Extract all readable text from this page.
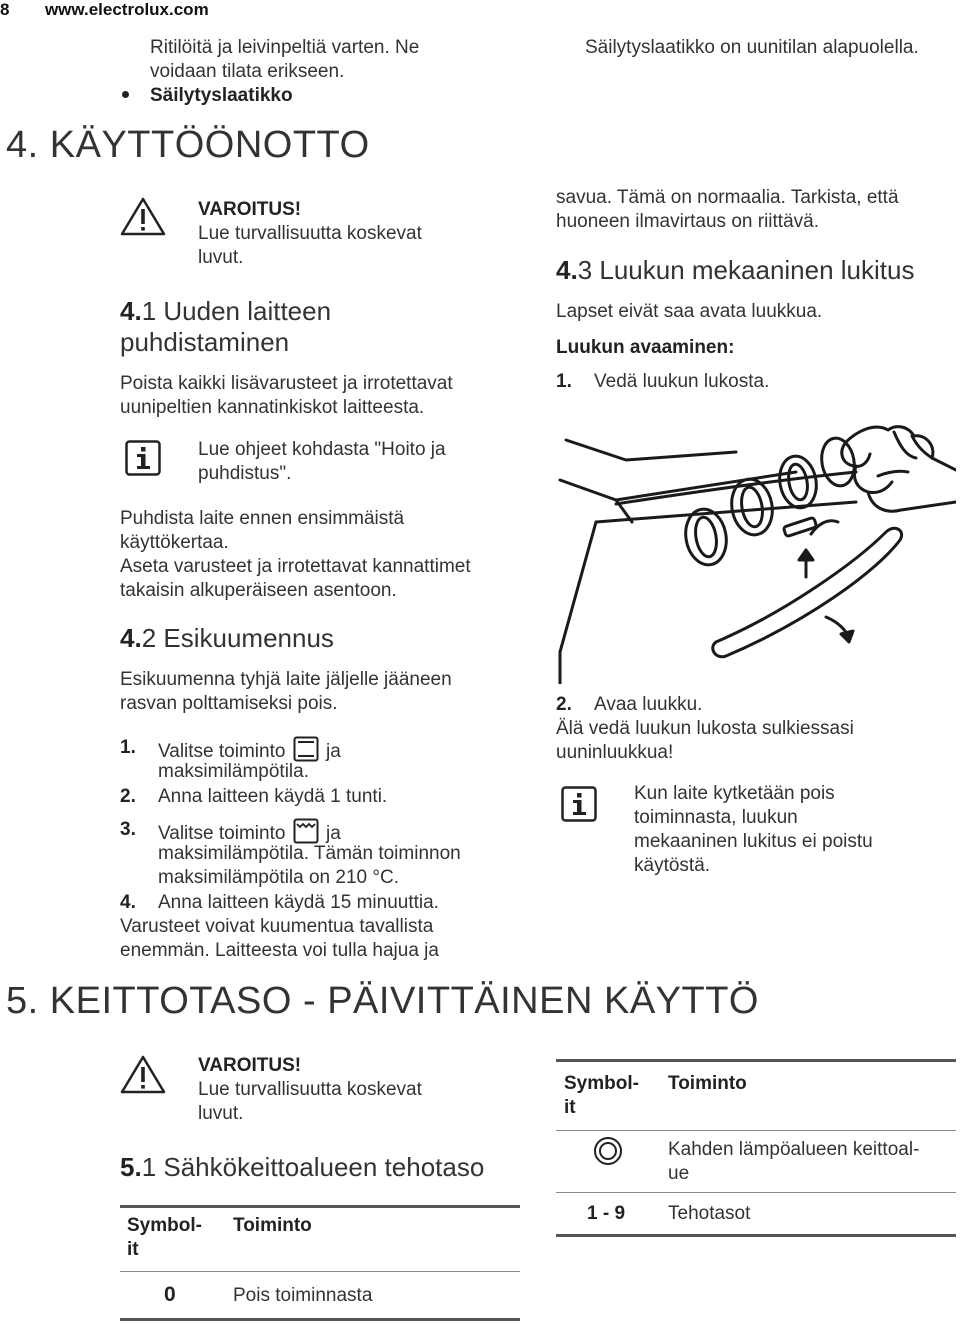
8 www.electrolux.com

Ritilöitä ja leivinpeltiä varten. Ne

voidaan tilata erikseen.

Säilytyslaatikko

Säilytyslaatikko on uunitilan alapuolella.

4. KÄYTTÖÖNOTTO

VAROITUS!

Lue turvallisuutta koskevat

luvut.

4.1 Uuden laitteen
puhdistaminen

Poista kaikki lisävarusteet ja irrotettavat

uunipeltien kannatinkiskot laitteesta.

Lue ohjeet kohdasta "Hoito ja

puhdistus".

Puhdista laite ennen ensimmäistä

käyttökertaa.

Aseta varusteet ja irrotettavat kannattimet

takaisin alkuperäiseen asentoon.

4.2 Esikuumennus

Esikuumenna tyhjä laite jäljelle jääneen

rasvan polttamiseksi pois.

1. Valitse toiminto ja
maksimilämpötila.
2. Anna laitteen käydä 1 tunti.
3. Valitse toiminto ja
maksimilämpötila. Tämän toiminnon
maksimilämpötila on 210 °C.
4. Anna laitteen käydä 15 minuuttia.

Varusteet voivat kuumentua tavallista

enemmän. Laitteesta voi tulla hajua ja

savua. Tämä on normaalia. Tarkista, että

huoneen ilmavirtaus on riittävä.

4.3 Luukun mekaaninen lukitus

Lapset eivät saa avata luukkua.

Luukun avaaminen:

1. Vedä luukun lukosta.
2. Avaa luukku.

Älä vedä luukun lukosta sulkiessasi

uuninluukkua!

Kun laite kytketään pois

toiminnasta, luukun

mekaaninen lukitus ei poistu

käytöstä.

5. KEITTOTASO - PÄIVITTÄINEN KÄYTTÖ

VAROITUS!

Lue turvallisuutta koskevat

luvut.

5.1 Sähkökeittoalueen tehotaso
Symbol-
it
Toiminto
0	Pois toiminnasta
Symbol-
it
Toiminto
Kahden lämpöalueen keittoal-
ue
1 - 9 Tehotasot
